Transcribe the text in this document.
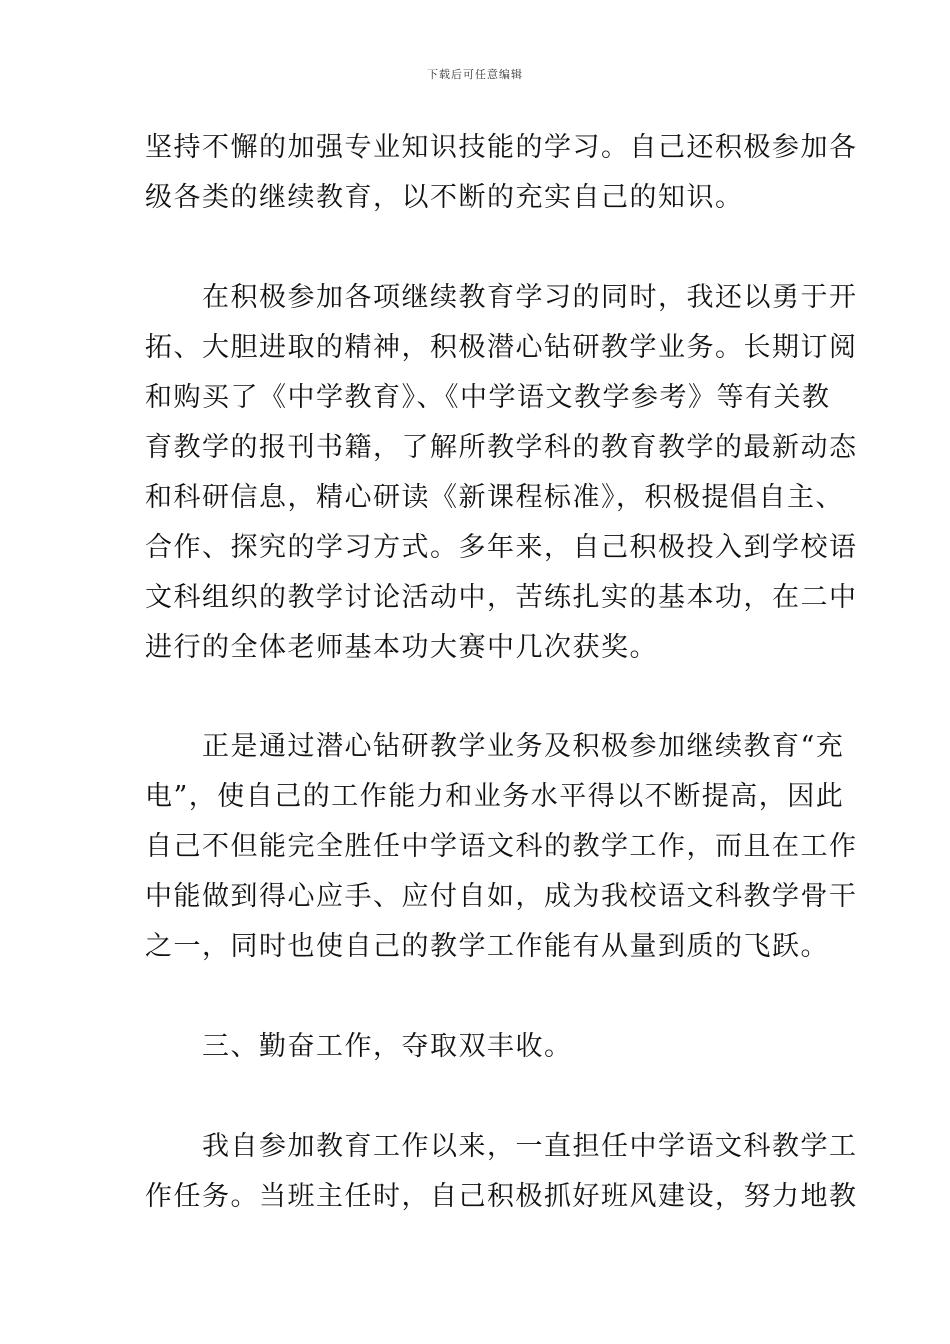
下载后可任意编辑
坚持不懈的加强专业知识技能的学习。自己还积极参加各
级各类的继续教育，以不断的充实自己的知识。
　　在积极参加各项继续教育学习的同时，我还以勇于开
拓、大胆进取的精神，积极潜心钻研教学业务。长期订阅
和购买了《中学教育》、《中学语文教学参考》等有关教
育教学的报刊书籍，了解所教学科的教育教学的最新动态
和科研信息，精心研读《新课程标准》，积极提倡自主、
合作、探究的学习方式。多年来，自己积极投入到学校语
文科组织的教学讨论活动中，苦练扎实的基本功，在二中
进行的全体老师基本功大赛中几次获奖。
　　正是通过潜心钻研教学业务及积极参加继续教育“充
电”，使自己的工作能力和业务水平得以不断提高，因此
自己不但能完全胜任中学语文科的教学工作，而且在工作
中能做到得心应手、应付自如，成为我校语文科教学骨干
之一，同时也使自己的教学工作能有从量到质的飞跃。
　　三、勤奋工作，夺取双丰收。
　　我自参加教育工作以来，一直担任中学语文科教学工
作任务。当班主任时，自己积极抓好班风建设，努力地教
